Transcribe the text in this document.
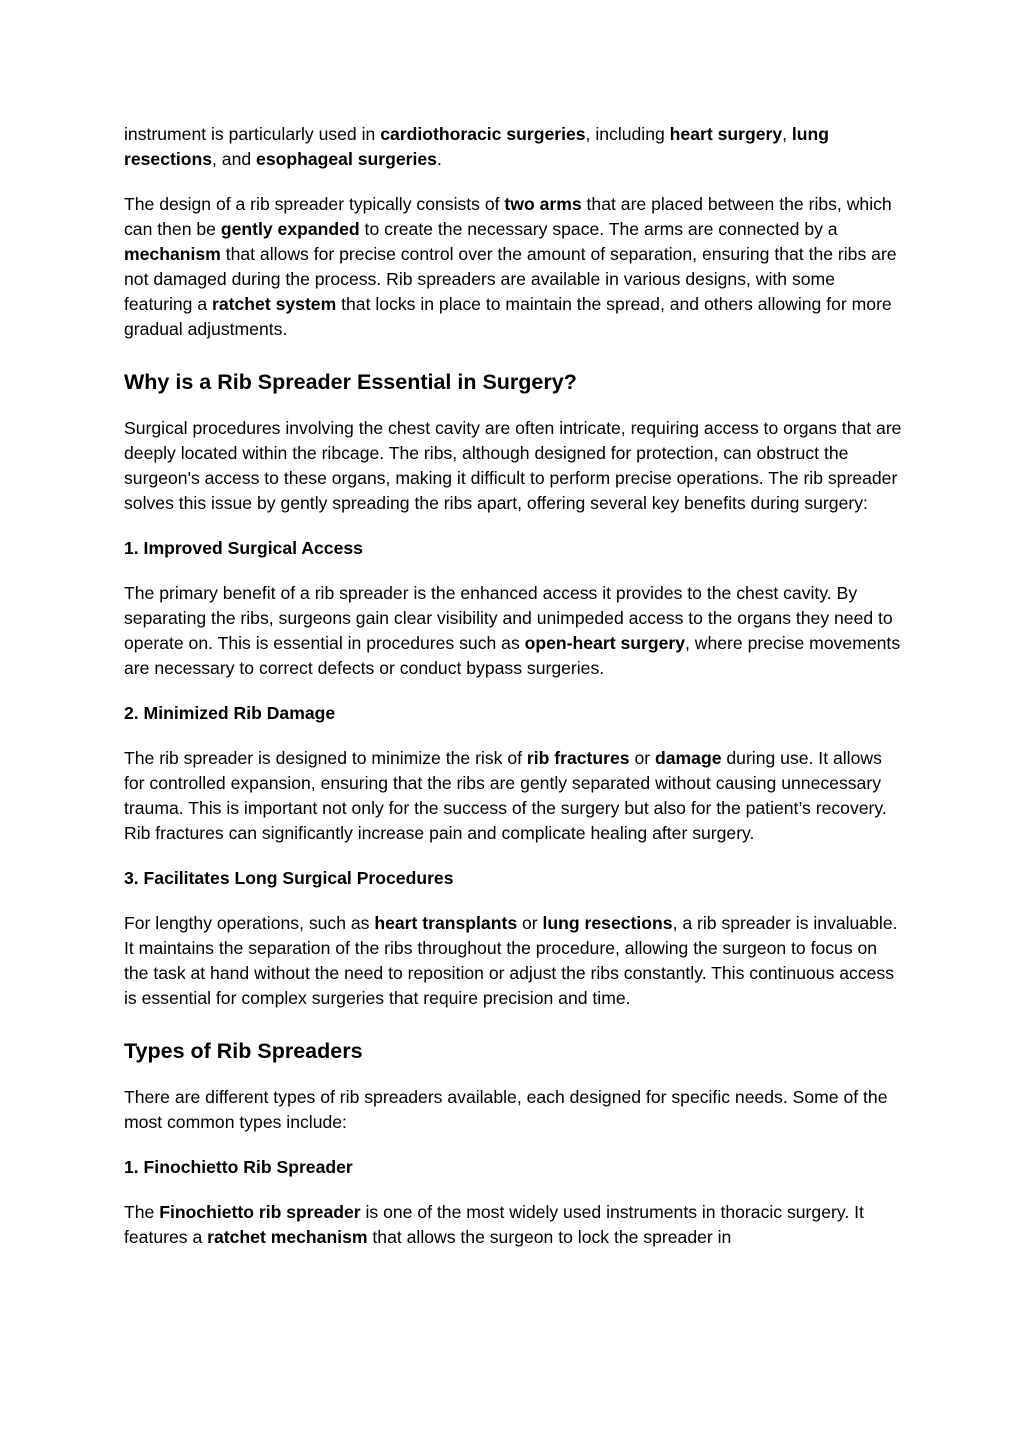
instrument is particularly used in cardiothoracic surgeries, including heart surgery, lung resections, and esophageal surgeries.

The design of a rib spreader typically consists of two arms that are placed between the ribs, which can then be gently expanded to create the necessary space. The arms are connected by a mechanism that allows for precise control over the amount of separation, ensuring that the ribs are not damaged during the process. Rib spreaders are available in various designs, with some featuring a ratchet system that locks in place to maintain the spread, and others allowing for more gradual adjustments.

Why is a Rib Spreader Essential in Surgery?

Surgical procedures involving the chest cavity are often intricate, requiring access to organs that are deeply located within the ribcage. The ribs, although designed for protection, can obstruct the surgeon's access to these organs, making it difficult to perform precise operations. The rib spreader solves this issue by gently spreading the ribs apart, offering several key benefits during surgery:

1. Improved Surgical Access

The primary benefit of a rib spreader is the enhanced access it provides to the chest cavity. By separating the ribs, surgeons gain clear visibility and unimpeded access to the organs they need to operate on. This is essential in procedures such as open-heart surgery, where precise movements are necessary to correct defects or conduct bypass surgeries.

2. Minimized Rib Damage

The rib spreader is designed to minimize the risk of rib fractures or damage during use. It allows for controlled expansion, ensuring that the ribs are gently separated without causing unnecessary trauma. This is important not only for the success of the surgery but also for the patient’s recovery. Rib fractures can significantly increase pain and complicate healing after surgery.

3. Facilitates Long Surgical Procedures

For lengthy operations, such as heart transplants or lung resections, a rib spreader is invaluable. It maintains the separation of the ribs throughout the procedure, allowing the surgeon to focus on the task at hand without the need to reposition or adjust the ribs constantly. This continuous access is essential for complex surgeries that require precision and time.

Types of Rib Spreaders

There are different types of rib spreaders available, each designed for specific needs. Some of the most common types include:

1. Finochietto Rib Spreader

The Finochietto rib spreader is one of the most widely used instruments in thoracic surgery. It features a ratchet mechanism that allows the surgeon to lock the spreader in
